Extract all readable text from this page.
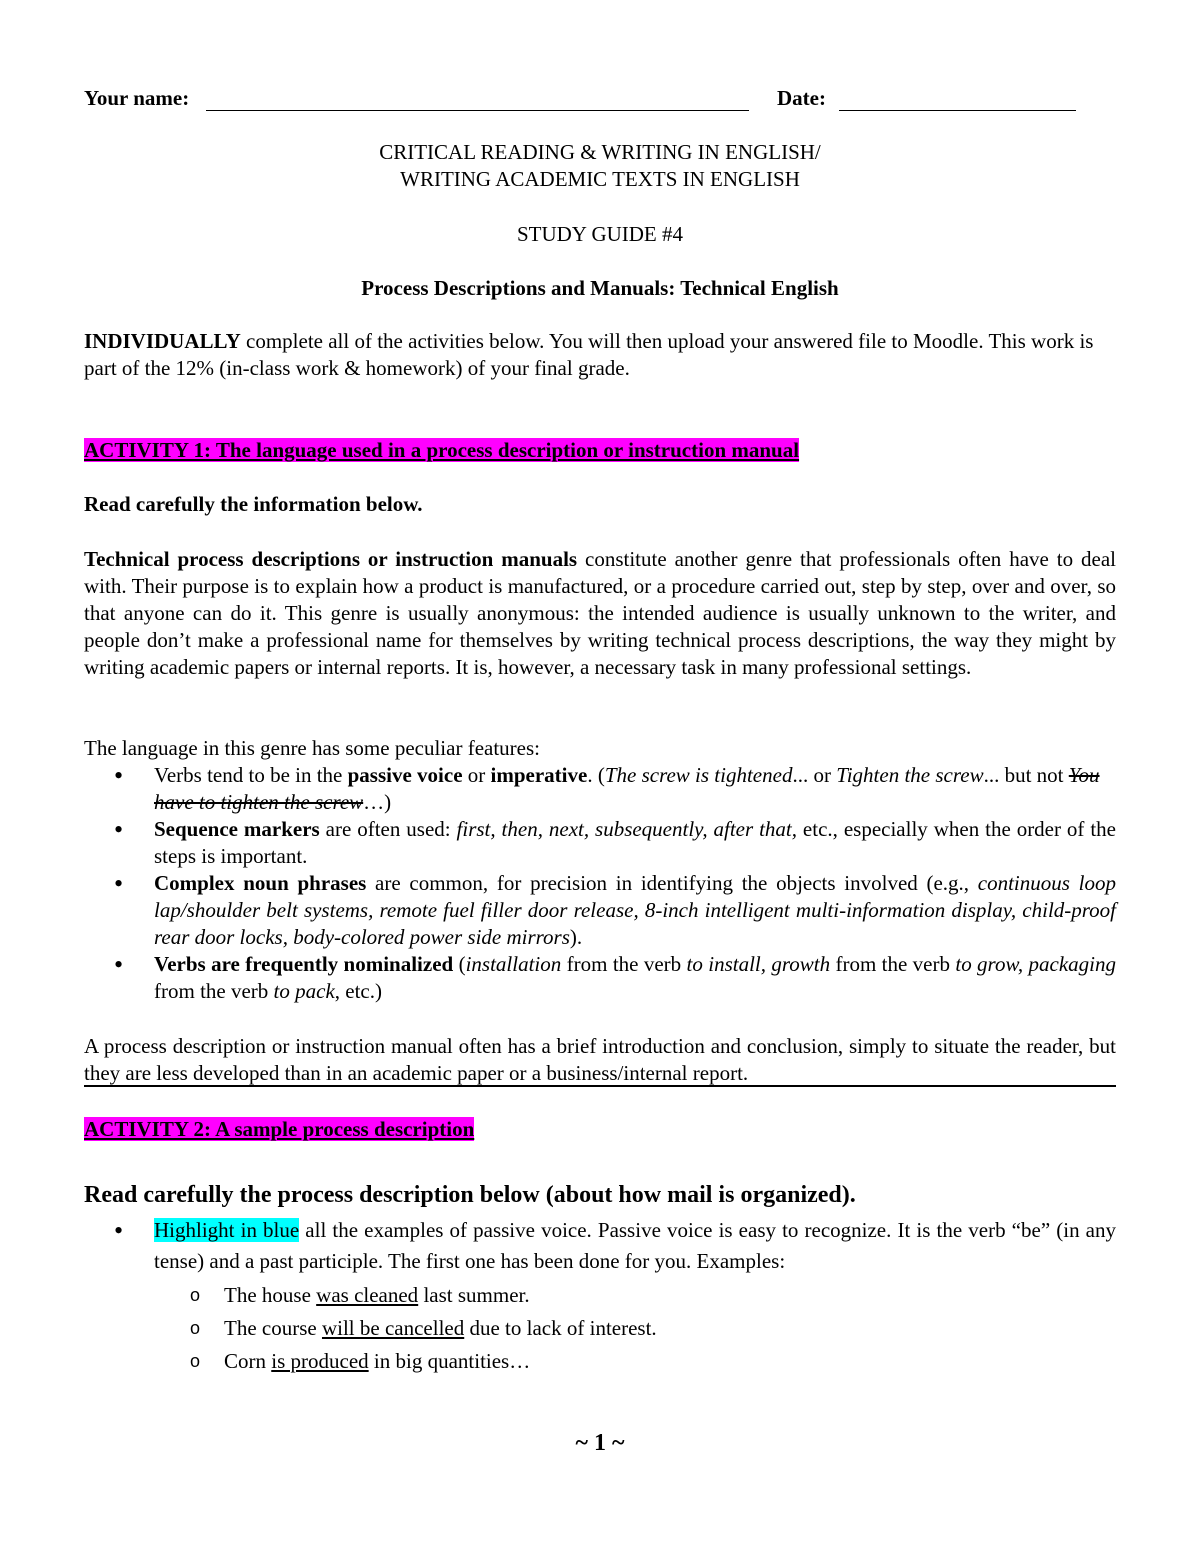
Your name:	Date:
CRITICAL READING & WRITING IN ENGLISH/
WRITING ACADEMIC TEXTS IN ENGLISH
STUDY GUIDE #4
Process Descriptions and Manuals: Technical English
INDIVIDUALLY complete all of the activities below. You will then upload your answered file to Moodle. This work is part of the 12% (in-class work & homework) of your final grade.
ACTIVITY 1: The language used in a process description or instruction manual
Read carefully the information below.
Technical process descriptions or instruction manuals constitute another genre that professionals often have to deal with. Their purpose is to explain how a product is manufactured, or a procedure carried out, step by step, over and over, so that anyone can do it. This genre is usually anonymous: the intended audience is usually unknown to the writer, and people don’t make a professional name for themselves by writing technical process descriptions, the way they might by writing academic papers or internal reports. It is, however, a necessary task in many professional settings.
The language in this genre has some peculiar features:
• Verbs tend to be in the passive voice or imperative. (The screw is tightened... or Tighten the screw... but not You have to tighten the screw…)
• Sequence markers are often used: first, then, next, subsequently, after that, etc., especially when the order of the steps is important.
• Complex noun phrases are common, for precision in identifying the objects involved (e.g., continuous loop lap/shoulder belt systems, remote fuel filler door release, 8-inch intelligent multi-information display, child-proof rear door locks, body-colored power side mirrors).
• Verbs are frequently nominalized (installation from the verb to install, growth from the verb to grow, packaging from the verb to pack, etc.)
A process description or instruction manual often has a brief introduction and conclusion, simply to situate the reader, but they are less developed than in an academic paper or a business/internal report.
ACTIVITY 2: A sample process description
Read carefully the process description below (about how mail is organized).
• Highlight in blue all the examples of passive voice. Passive voice is easy to recognize. It is the verb “be” (in any tense) and a past participle. The first one has been done for you. Examples:
o The house was cleaned last summer.
o The course will be cancelled due to lack of interest.
o Corn is produced in big quantities…
~ 1 ~
